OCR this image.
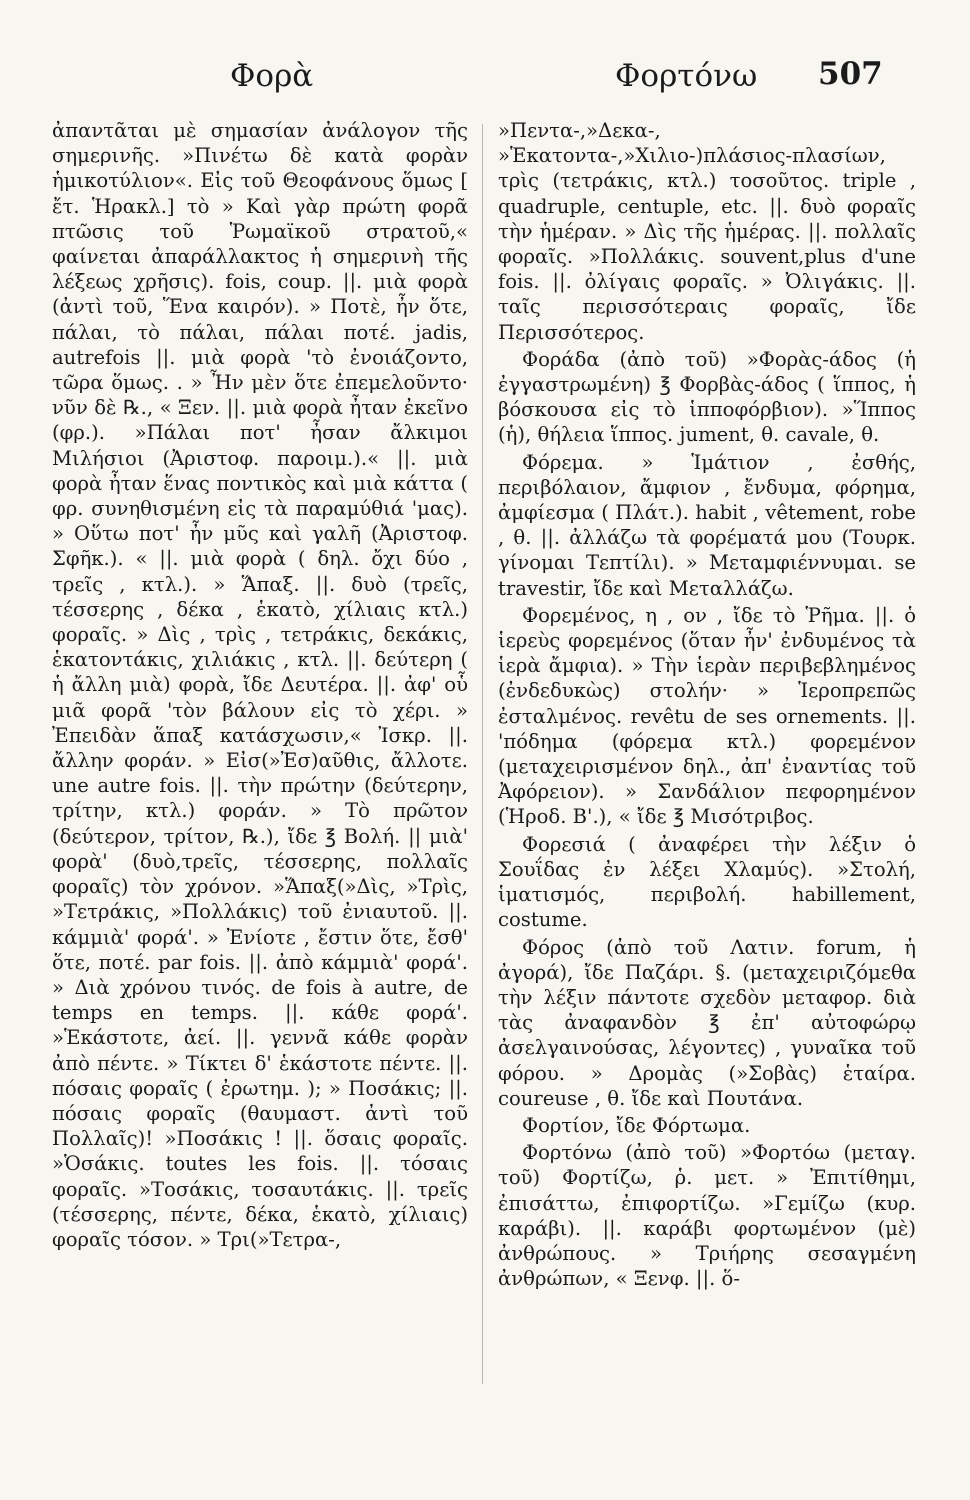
Φορὰ	Φορτόνω 507

ἀπαντᾶται μὲ σημασίαν ἀνάλογον τῆς σημερινῆς. »Πινέτω δὲ κατὰ φορὰν ἡμικοτύλιον«. Εἰς τοῦ Θεοφάνους ὅμως [ ἔτ. Ἡρακλ.] τὸ » Καὶ γὰρ πρώτη φορᾶ πτῶσις τοῦ Ῥωμαϊκοῦ στρατοῦ,« φαίνεται ἀπαράλλακτος ἡ σημερινὴ τῆς λέξεως χρῆσις). fois, coup. ||. μιὰ φορὰ (ἀντὶ τοῦ, Ἕνα καιρόν). » Ποτὲ, ἦν ὅτε, πάλαι, τὸ πάλαι, πάλαι ποτέ. jadis, autrefois ||. μιὰ φορὰ 'τὸ ἐνοιάζοντο, τῶρα ὅμως. . » Ἦν μὲν ὅτε ἐπεμελοῦντο· νῦν δὲ ℞., « Ξεν. ||. μιὰ φορὰ ἦταν ἐκεῖνο (φρ.). »Πάλαι ποτ' ἦσαν ἄλκιμοι Μιλήσιοι (Ἀριστοφ. παροιμ.).« ||. μιὰ φορὰ ἦταν ἕνας ποντικὸς καὶ μιὰ κάττα ( φρ. συνηθισμένη εἰς τὰ παραμύθιά 'μας). » Οὕτω ποτ' ἦν μῦς καὶ γαλῆ (Ἀριστοφ. Σφῆκ.). « ||. μιὰ φορὰ ( δηλ. ὄχι δύο , τρεῖς , κτλ.). » Ἅπαξ. ||. δυὸ (τρεῖς, τέσσερης , δέκα , ἑκατὸ, χίλιαις κτλ.) φοραῖς. » Δὶς , τρὶς , τετράκις, δεκάκις, ἑκατοντάκις, χιλιάκις , κτλ. ||. δεύτερη ( ἡ ἄλλη μιὰ) φορὰ, ἴδε Δευτέρα. ||. ἀφ' οὗ μιᾶ φορᾶ 'τὸν βάλουν εἰς τὸ χέρι. » Ἐπειδὰν ἅπαξ κατάσχωσιν,« Ἰσκρ. ||. ἄλλην φοράν. » Εἰσ(»Ἐσ)αῦθις, ἄλλοτε. une autre fois. ||. τὴν πρώτην (δεύτερην, τρίτην, κτλ.) φοράν. » Τὸ πρῶτον (δεύτερον, τρίτον, ℞.), ἴδε ℥ Βολή. || μιὰ' φορὰ' (δυὸ,τρεῖς, τέσσερης, πολλαῖς φοραῖς) τὸν χρόνον. »Ἅπαξ(»Δὶς, »Τρὶς, »Τετράκις, »Πολλάκις) τοῦ ἐνιαυτοῦ. ||. κάμμιὰ' φορά'. » Ἐνίοτε , ἔστιν ὅτε, ἔσθ' ὅτε, ποτέ. par fois. ||. ἀπὸ κάμμιὰ' φορά'. » Διὰ χρόνου τινός. de fois à autre, de temps en temps. ||. κάθε φορά'. »Ἑκάστοτε, ἀεί. ||. γεννᾶ κάθε φορὰν ἀπὸ πέντε. » Τίκτει δ' ἑκάστοτε πέντε. ||. πόσαις φοραῖς ( ἐρωτημ. ); » Ποσάκις; ||. πόσαις φοραῖς (θαυμαστ. ἀντὶ τοῦ Πολλαῖς)! »Ποσάκις ! ||. ὅσαις φοραῖς. »Ὁσάκις. toutes les fois. ||. τόσαις φοραῖς. »Τοσάκις, τοσαυτάκις. ||. τρεῖς (τέσσερης, πέντε, δέκα, ἑκατὸ, χίλιαις) φοραῖς τόσον. » Τρι(»Τετρα-,

»Πεντα-,»Δεκα-, »Ἑκατοντα-,»Χιλιο-)πλάσιος-πλασίων, τρὶς (τετράκις, κτλ.) τοσοῦτος. triple , quadruple, centuple, etc. ||. δυὸ φοραῖς τὴν ἡμέραν. » Δὶς τῆς ἡμέρας. ||. πολλαῖς φοραῖς. »Πολλάκις. souvent,plus d'une fois. ||. ὀλίγαις φοραῖς. » Ὀλιγάκις. ||. ταῖς περισσότεραις φοραῖς, ἴδε Περισσότερος.

Φοράδα (ἀπὸ τοῦ) »Φορὰς-άδος (ἡ ἐγγαστρωμένη) ℥ Φορβὰς-άδος ( ἵππος, ἡ βόσκουσα εἰς τὸ ἱπποφόρβιον). »Ἵππος (ἡ), θήλεια ἵππος. jument, θ. cavale, θ.

Φόρεμα. » Ἱμάτιον , ἐσθής, περιβόλαιον, ἄμφιον , ἔνδυμα, φόρημα, ἀμφίεσμα ( Πλάτ.). habit , vêtement, robe , θ. ||. ἀλλάζω τὰ φορέματά μου (Τουρκ. γίνομαι Τεπτίλι). » Μεταμφιέννυμαι. se travestir, ἴδε καὶ Μεταλλάζω.

Φορεμένος, η , ον , ἴδε τὸ Ῥῆμα. ||. ὁ ἱερεὺς φορεμένος (ὅταν ἦν' ἐνδυμένος τὰ ἱερὰ ἄμφια). » Τὴν ἱερὰν περιβεβλημένος (ἐνδεδυκὼς) στολήν· » Ἱεροπρεπῶς ἐσταλμένος. revêtu de ses ornements. ||. 'πόδημα (φόρεμα κτλ.) φορεμένον (μεταχειρισμένον δηλ., ἀπ' ἐναντίας τοῦ Ἀφόρειον). » Σανδάλιον πεφορημένον (Ἡροδ. Β'.), « ἴδε ℥ Μισότριβος.

Φορεσιά ( ἀναφέρει τὴν λέξιν ὁ Σουΐδας ἐν λέξει Χλαμύς). »Στολή, ἱματισμός, περιβολή. habillement, costume.

Φόρος (ἀπὸ τοῦ Λατιν. forum, ἡ ἀγορά), ἴδε Παζάρι. §. (μεταχειριζόμεθα τὴν λέξιν πάντοτε σχεδὸν μεταφορ. διὰ τὰς ἀναφανδὸν ℥ ἐπ' αὐτοφώρῳ ἀσελγαινούσας, λέγοντες) , γυναῖκα τοῦ φόρου. » Δρομὰς (»Σοβὰς) ἑταίρα. coureuse , θ. ἴδε καὶ Πουτάνα.

Φορτίον, ἴδε Φόρτωμα.

Φορτόνω (ἀπὸ τοῦ) »Φορτόω (μεταγ. τοῦ) Φορτίζω, ῥ. μετ. » Ἐπιτίθημι, ἐπισάττω, ἐπιφορτίζω. »Γεμίζω (κυρ. καράβι). ||. καράβι φορτωμένον (μὲ) ἀνθρώπους. » Τριήρης σεσαγμένη ἀνθρώπων, « Ξενφ. ||. ὅ-
